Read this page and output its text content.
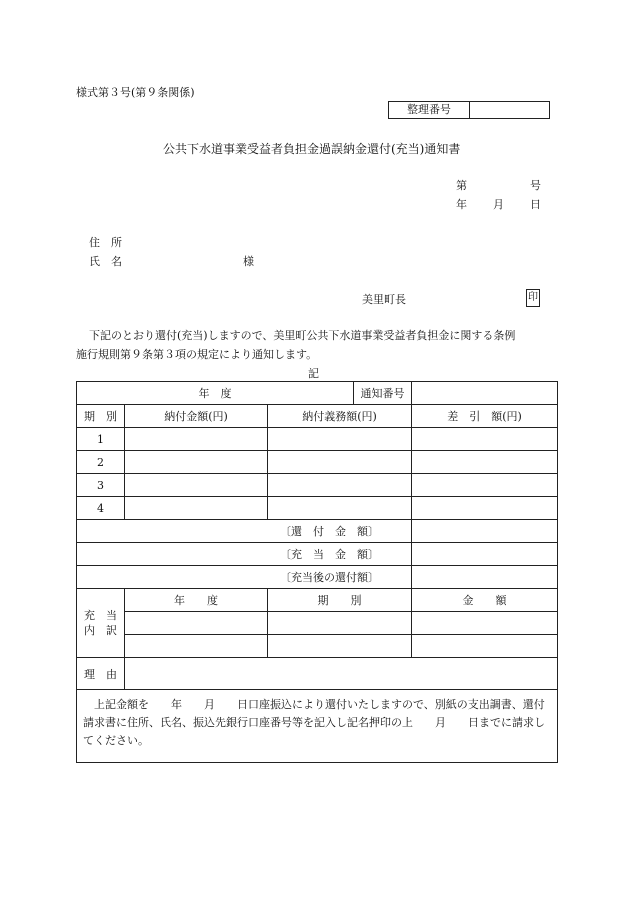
様式第３号(第９条関係)
整理番号
公共下水道事業受益者負担金過誤納金還付(充当)通知書
第	号
年 月 日
住　所
氏　名	様
美里町長	印
下記のとおり還付(充当)しますので、美里町公共下水道事業受益者負担金に関する条例
施行規則第９条第３項の規定により通知します。
記
年　度			通知番号	
期　別	納付金額(円)	納付義務額(円)		差　引　額(円)
1				
2				
3				
4				
〔還　付　金　額〕				
〔充　当　金　額〕				
〔充当後の還付額〕				

充　当
内　訳	年　　度	期　　別		金　　額

理　由				
　上記金額を　　年　　月　　日口座振込により還付いたしますので、別紙の支出調書、還付請求書に住所、氏名、振込先銀行口座番号等を記入し記名押印の上　　月　　日までに請求してください。				
